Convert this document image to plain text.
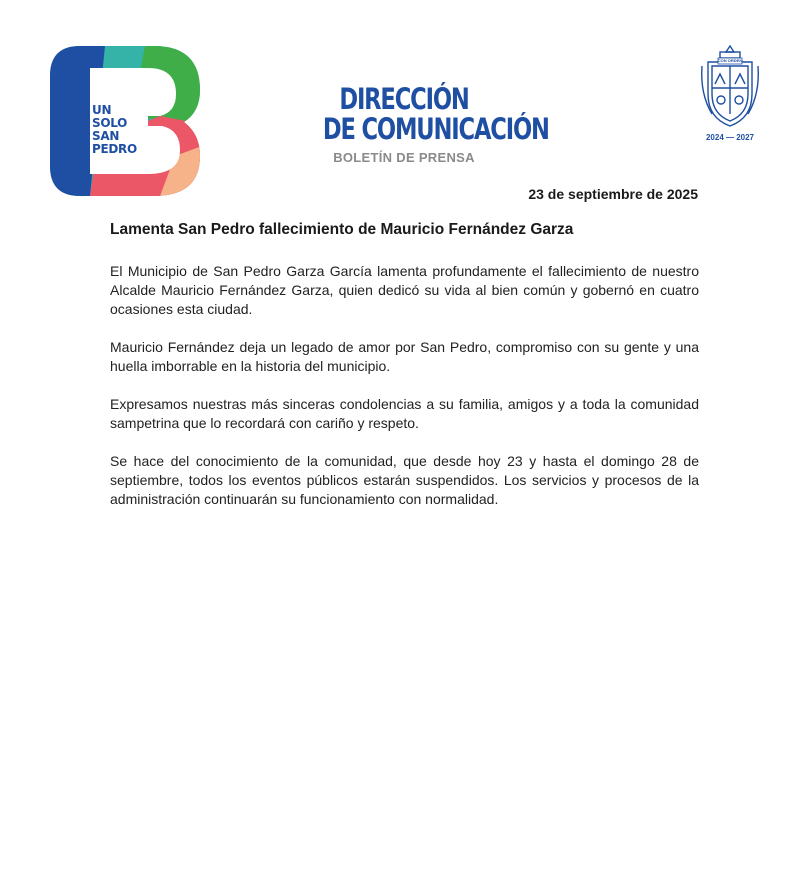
UN
SOLO
SAN
PEDRO
DIRECCIÓN
DE COMUNICACIÓN
BOLETÍN DE PRENSA
CON ORDEN
2024 — 2027
23 de septiembre de 2025
Lamenta San Pedro fallecimiento de Mauricio Fernández Garza

El Municipio de San Pedro Garza García lamenta profundamente el fallecimiento de nuestro Alcalde Mauricio Fernández Garza, quien dedicó su vida al bien común y gobernó en cuatro ocasiones esta ciudad.

Mauricio Fernández deja un legado de amor por San Pedro, compromiso con su gente y una huella imborrable en la historia del municipio.

Expresamos nuestras más sinceras condolencias a su familia, amigos y a toda la comunidad sampetrina que lo recordará con cariño y respeto.

Se hace del conocimiento de la comunidad, que desde hoy 23 y hasta el domingo 28 de septiembre, todos los eventos públicos estarán suspendidos. Los servicios y procesos de la administración continuarán su funcionamiento con normalidad.
